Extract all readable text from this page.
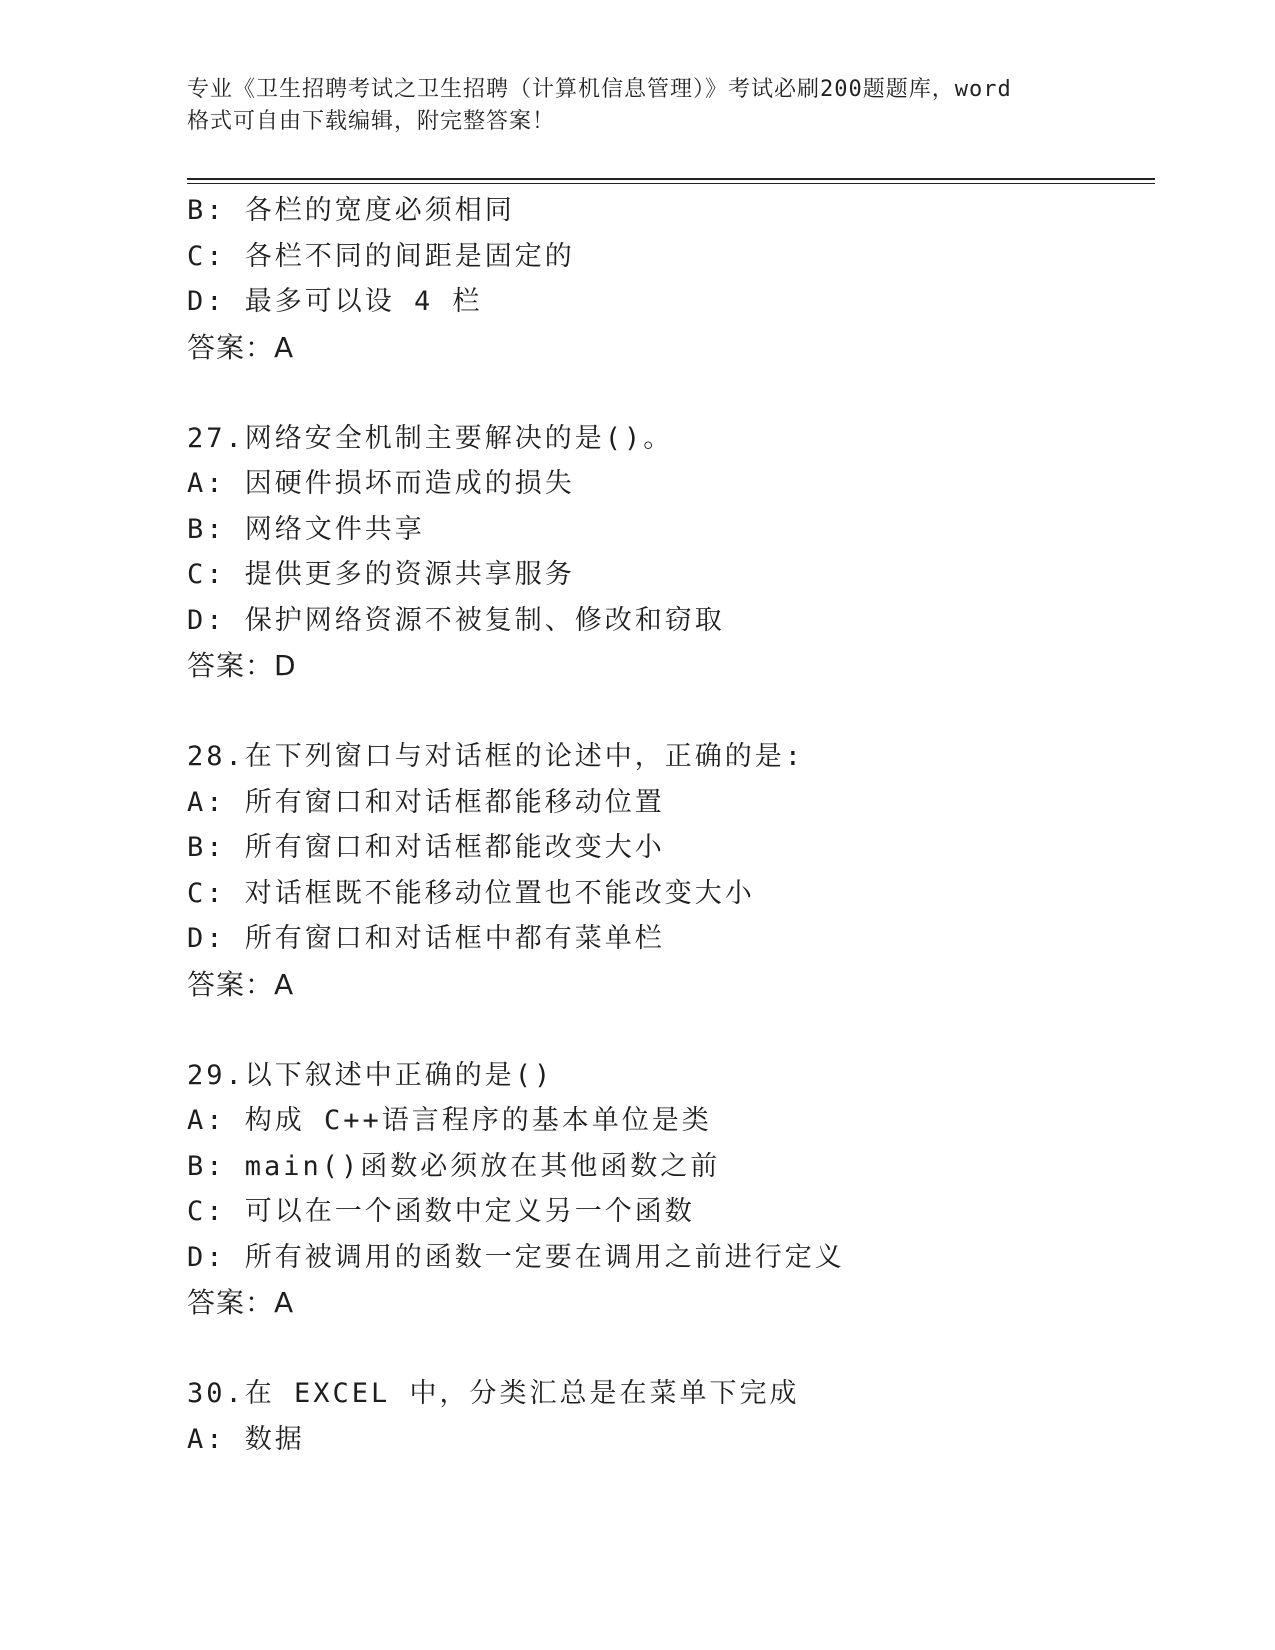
专业《卫生招聘考试之卫生招聘（计算机信息管理）》考试必刷200题题库，word
格式可自由下载编辑，附完整答案！
B: 各栏的宽度必须相同
C: 各栏不同的间距是固定的
D: 最多可以设 4 栏
答案：A
27.网络安全机制主要解决的是()。
A: 因硬件损坏而造成的损失
B: 网络文件共享
C: 提供更多的资源共享服务
D: 保护网络资源不被复制、修改和窃取
答案：D
28.在下列窗口与对话框的论述中，正确的是:
A: 所有窗口和对话框都能移动位置
B: 所有窗口和对话框都能改变大小
C: 对话框既不能移动位置也不能改变大小
D: 所有窗口和对话框中都有菜单栏
答案：A
29.以下叙述中正确的是()
A: 构成 C++语言程序的基本单位是类
B: main()函数必须放在其他函数之前
C: 可以在一个函数中定义另一个函数
D: 所有被调用的函数一定要在调用之前进行定义
答案：A
30.在 EXCEL 中，分类汇总是在菜单下完成
A: 数据
